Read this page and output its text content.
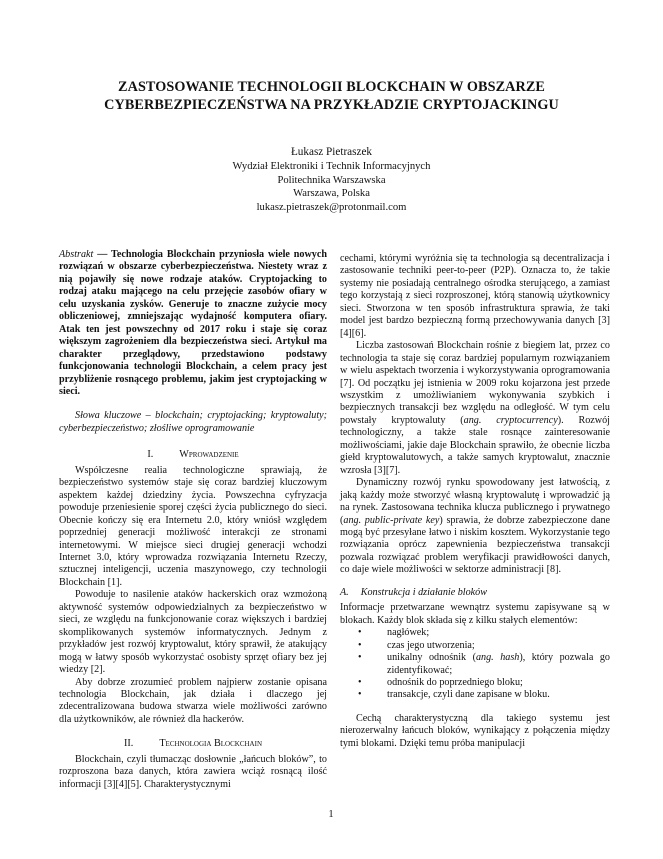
ZASTOSOWANIE TECHNOLOGII BLOCKCHAIN W OBSZARZE
CYBERBEZPIECZEŃSTWA NA PRZYKŁADZIE CRYPTOJACKINGU
Łukasz Pietraszek
Wydział Elektroniki i Technik Informacyjnych
Politechnika Warszawska
Warszawa, Polska
lukasz.pietraszek@protonmail.com

Abstrakt — Technologia Blockchain przyniosła wiele nowych rozwiązań w obszarze cyberbezpieczeństwa. Niestety wraz z nią pojawiły się nowe rodzaje ataków. Cryptojacking to rodzaj ataku mającego na celu przejęcie zasobów ofiary w celu uzyskania zysków. Generuje to znaczne zużycie mocy obliczeniowej, zmniejszając wydajność komputera ofiary. Atak ten jest powszechny od 2017 roku i staje się coraz większym zagrożeniem dla bezpieczeństwa sieci. Artykuł ma charakter przeglądowy, przedstawiono podstawy funkcjonowania technologii Blockchain, a celem pracy jest przybliżenie rosnącego problemu, jakim jest cryptojacking w sieci.

Słowa kluczowe – blockchain; cryptojacking; kryptowaluty; cyberbezpieczeństwo; złośliwe oprogramowanie

I.	Wprowadzenie

Współczesne realia technologiczne sprawiają, że bezpieczeństwo systemów staje się coraz bardziej kluczowym aspektem każdej dziedziny życia. Powszechna cyfryzacja powoduje przeniesienie sporej części życia publicznego do sieci. Obecnie kończy się era Internetu 2.0, który wniósł względem poprzedniej generacji możliwość interakcji ze stronami internetowymi. W miejsce sieci drugiej generacji wchodzi Internet 3.0, który wprowadza rozwiązania Internetu Rzeczy, sztucznej inteligencji, uczenia maszynowego, czy technologii Blockchain [1].

Powoduje to nasilenie ataków hackerskich oraz wzmożoną aktywność systemów odpowiedzialnych za bezpieczeństwo w sieci, ze względu na funkcjonowanie coraz większych i bardziej skomplikowanych systemów informatycznych. Jednym z przykładów jest rozwój kryptowalut, który sprawił, że atakujący mogą w łatwy sposób wykorzystać osobisty sprzęt ofiary bez jej wiedzy [2].

Aby dobrze zrozumieć problem najpierw zostanie opisana technologia Blockchain, jak działa i dlaczego jej zdecentralizowana budowa stwarza wiele możliwości zarówno dla użytkowników, ale również dla hackerów.

II.	Technologia Blockchain

Blockchain, czyli tłumacząc dosłownie „łańcuch bloków”, to rozproszona baza danych, która zawiera wciąż rosnącą ilość informacji [3][4][5]. Charakterystycznymi

cechami, którymi wyróżnia się ta technologia są decentralizacja i zastosowanie techniki peer-to-peer (P2P). Oznacza to, że takie systemy nie posiadają centralnego ośrodka sterującego, a zamiast tego korzystają z sieci rozproszonej, którą stanowią użytkownicy sieci. Stworzona w ten sposób infrastruktura sprawia, że taki model jest bardzo bezpieczną formą przechowywania danych [3][4][6].

Liczba zastosowań Blockchain rośnie z biegiem lat, przez co technologia ta staje się coraz bardziej popularnym rozwiązaniem w wielu aspektach tworzenia i wykorzystywania oprogramowania [7]. Od początku jej istnienia w 2009 roku kojarzona jest przede wszystkim z umożliwianiem wykonywania szybkich i bezpiecznych transakcji bez względu na odległość. W tym celu powstały kryptowaluty (ang. cryptocurrency). Rozwój technologiczny, a także stale rosnące zainteresowanie możliwościami, jakie daje Blockchain sprawiło, że obecnie liczba giełd kryptowalutowych, a także samych kryptowalut, znacznie wzrosła [3][7].

Dynamiczny rozwój rynku spowodowany jest łatwością, z jaką każdy może stworzyć własną kryptowalutę i wprowadzić ją na rynek. Zastosowana technika klucza publicznego i prywatnego (ang. public-private key) sprawia, że dobrze zabezpieczone dane mogą być przesyłane łatwo i niskim kosztem. Wykorzystanie tego rozwiązania oprócz zapewnienia bezpieczeństwa transakcji pozwala rozwiązać problem weryfikacji prawidłowości danych, co daje wiele możliwości w sektorze administracji [8].

A. Konstrukcja i działanie bloków

Informacje przetwarzane wewnątrz systemu zapisywane są w blokach. Każdy blok składa się z kilku stałych elementów:

• nagłówek;
• czas jego utworzenia;
• unikalny odnośnik (ang. hash), który pozwala go zidentyfikować;
• odnośnik do poprzedniego bloku;
• transakcje, czyli dane zapisane w bloku.

Cechą charakterystyczną dla takiego systemu jest nierozerwalny łańcuch bloków, wynikający z połączenia między tymi blokami. Dzięki temu próba manipulacji

1
